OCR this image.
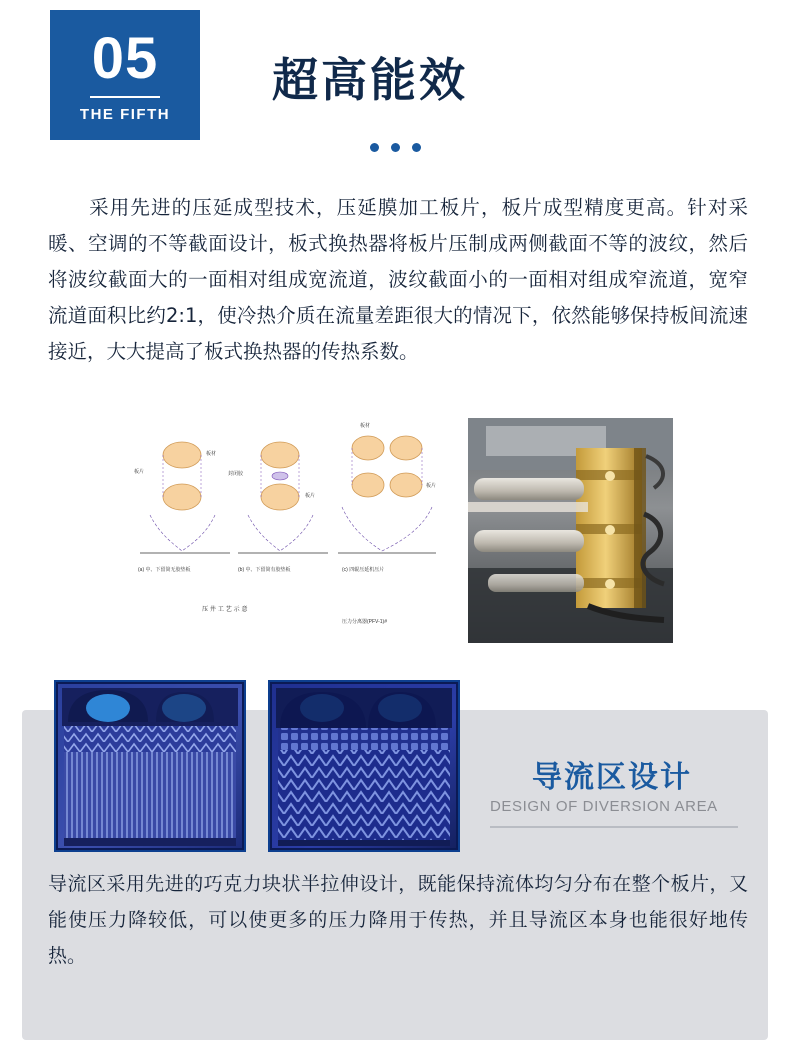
05
THE FIFTH
超高能效
采用先进的压延成型技术，压延膜加工板片，板片成型精度更高。针对采暖、空调的不等截面设计，板式换热器将板片压制成两侧截面不等的波纹，然后将波纹截面大的一面相对组成宽流道，波纹截面小的一面相对组成窄流道，宽窄流道面积比约2:1，使冷热介质在流量差距很大的情况下，依然能够保持板间流速接近，大大提高了板式换热器的传热系数。
板片
板材
封闭胶
板片
板材
板片
(a) 中、下留简无胶垫板	(b) 中、下留简有胶垫板	(c) 四辊压延机压片
压 井 工 艺 示 意
压力分离器(PFV-1)#
导流区设计
DESIGN OF DIVERSION AREA
导流区采用先进的巧克力块状半拉伸设计，既能保持流体均匀分布在整个板片，又能使压力降较低，可以使更多的压力降用于传热，并且导流区本身也能很好地传热。
